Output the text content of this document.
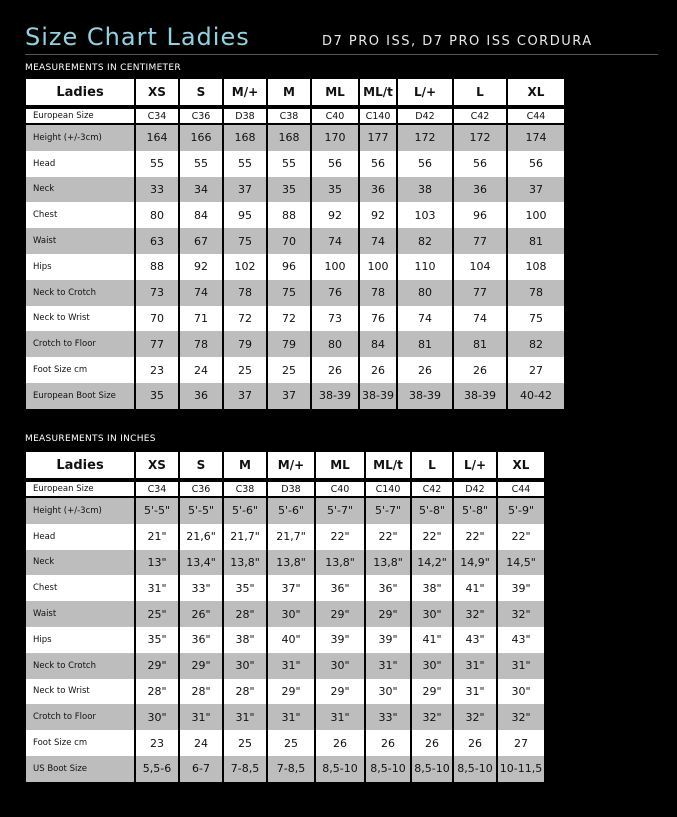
Size Chart Ladies	D7 PRO ISS, D7 PRO ISS CORDURA
MEASUREMENTS IN CENTIMETER
Ladies	XS	S	M/+	M	ML	ML/t	L/+	L	XL
European Size	C34	C36	D38	C38	C40	C140	D42	C42	C44
Height (+/-3cm)	164	166	168	168	170	177	172	172	174
Head	55	55	55	55	56	56	56	56	56
Neck	33	34	37	35	35	36	38	36	37
Chest	80	84	95	88	92	92	103	96	100
Waist	63	67	75	70	74	74	82	77	81
Hips	88	92	102	96	100	100	110	104	108
Neck to Crotch	73	74	78	75	76	78	80	77	78
Neck to Wrist	70	71	72	72	73	76	74	74	75
Crotch to Floor	77	78	79	79	80	84	81	81	82
Foot Size cm	23	24	25	25	26	26	26	26	27
European Boot Size	35	36	37	37	38-39	38-39	38-39	38-39	40-42
MEASUREMENTS IN INCHES
Ladies	XS	S	M	M/+	ML	ML/t	L	L/+	XL
European Size	C34	C36	C38	D38	C40	C140	C42	D42	C44
Height (+/-3cm)	5'-5"	5'-5"	5'-6"	5'-6"	5'-7"	5'-7"	5'-8"	5'-8"	5'-9"
Head	21"	21,6"	21,7"	21,7"	22"	22"	22"	22"	22"
Neck	13"	13,4"	13,8"	13,8"	13,8"	13,8"	14,2"	14,9"	14,5"
Chest	31"	33"	35"	37"	36"	36"	38"	41"	39"
Waist	25"	26"	28"	30"	29"	29"	30"	32"	32"
Hips	35"	36"	38"	40"	39"	39"	41"	43"	43"
Neck to Crotch	29"	29"	30"	31"	30"	31"	30"	31"	31"
Neck to Wrist	28"	28"	28"	29"	29"	30"	29"	31"	30"
Crotch to Floor	30"	31"	31"	31"	31"	33"	32"	32"	32"
Foot Size cm	23	24	25	25	26	26	26	26	27
US Boot Size	5,5-6	6-7	7-8,5	7-8,5	8,5-10	8,5-10	8,5-10	8,5-10	10-11,5
